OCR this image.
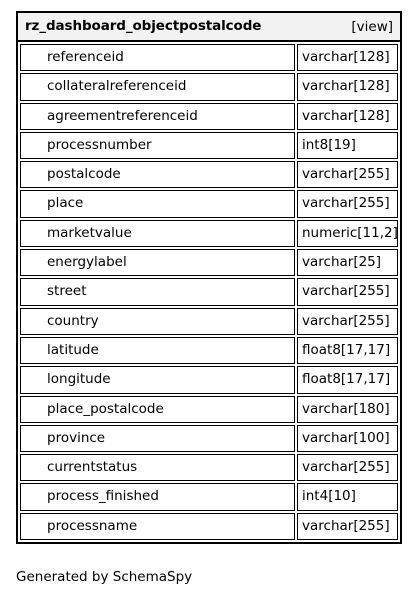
rz_dashboard_objectpostalcode	[view]
referenceid	varchar[128]
collateralreferenceid	varchar[128]
agreementreferenceid	varchar[128]
processnumber	int8[19]
postalcode	varchar[255]
place	varchar[255]
marketvalue	numeric[11,2]
energylabel	varchar[25]
street	varchar[255]
country	varchar[255]
latitude	float8[17,17]
longitude	float8[17,17]
place_postalcode	varchar[180]
province	varchar[100]
currentstatus	varchar[255]
process_finished	int4[10]
processname	varchar[255]
Generated by SchemaSpy
